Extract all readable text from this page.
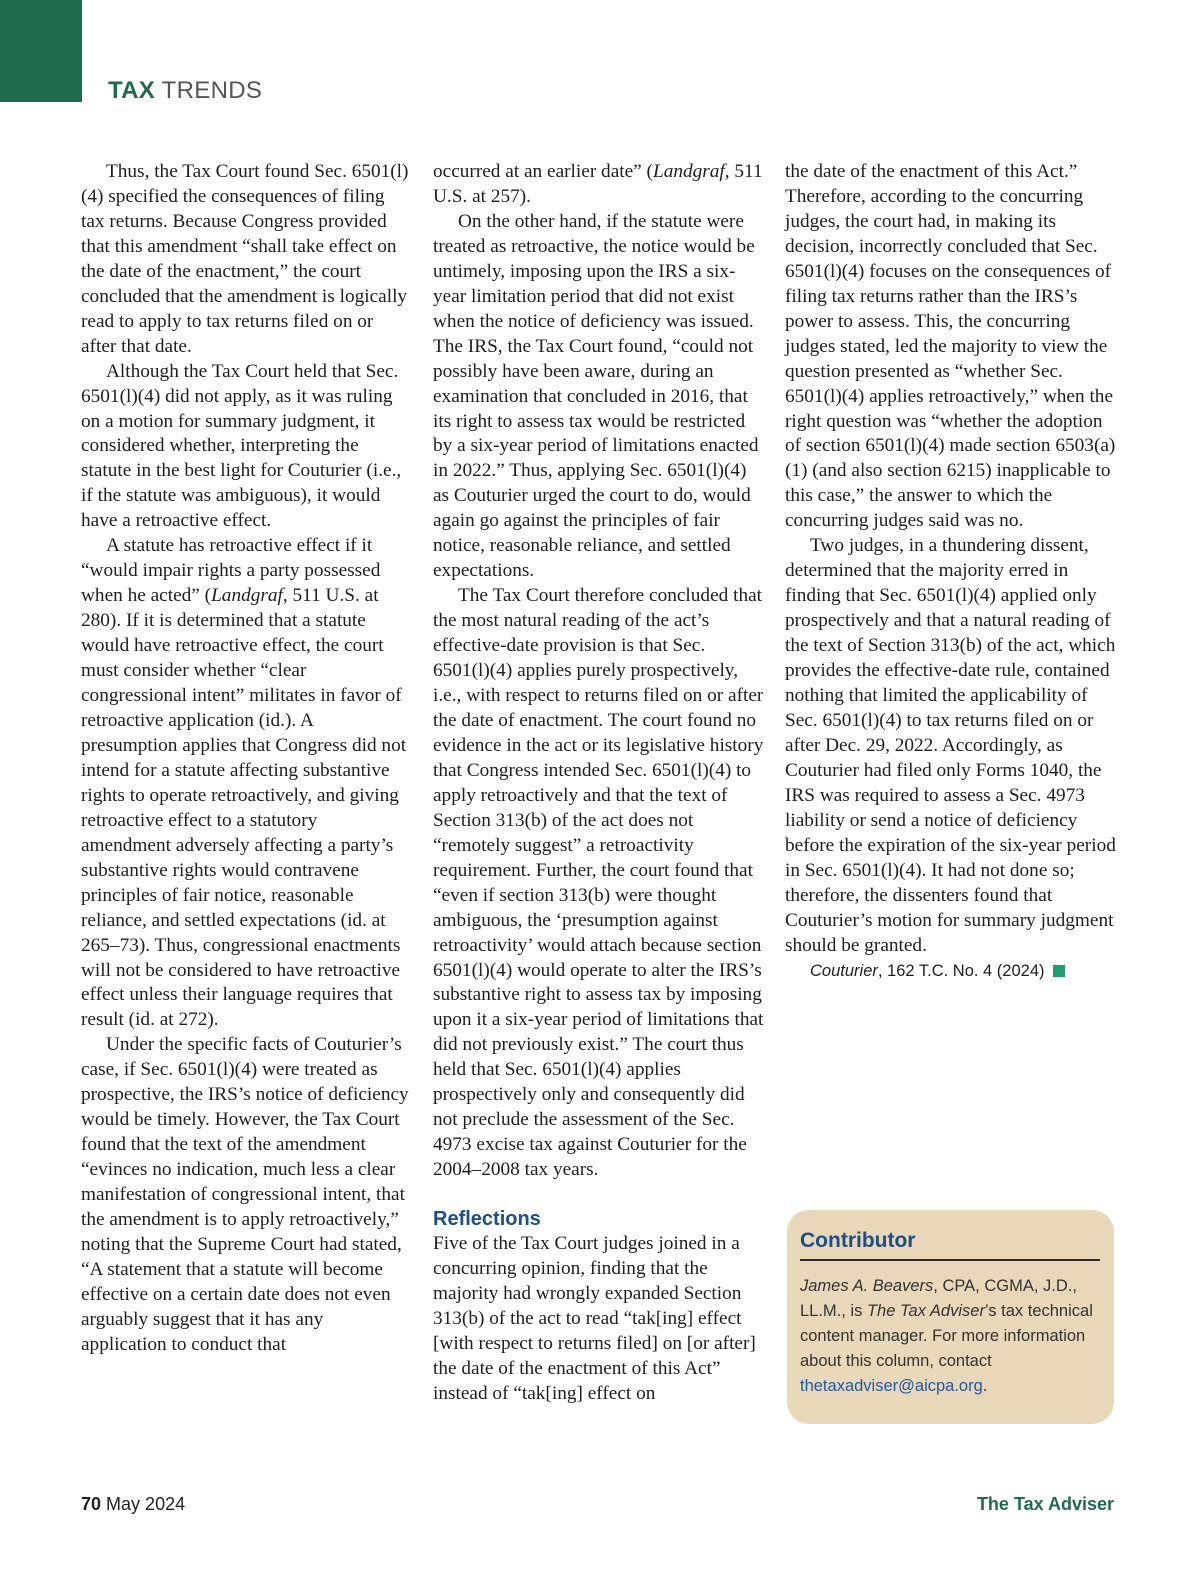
TAX TRENDS

Thus, the Tax Court found Sec. 6501(l)(4) specified the consequences of filing tax returns. Because Congress provided that this amendment “shall take effect on the date of the enactment,” the court concluded that the amendment is logically read to apply to tax returns filed on or after that date.

Although the Tax Court held that Sec. 6501(l)(4) did not apply, as it was ruling on a motion for summary judgment, it considered whether, interpreting the statute in the best light for Couturier (i.e., if the statute was ambiguous), it would have a retroactive effect.

A statute has retroactive effect if it “would impair rights a party possessed when he acted” (Landgraf, 511 U.S. at 280). If it is determined that a statute would have retroactive effect, the court must consider whether “clear congressional intent” militates in favor of retroactive application (id.). A presumption applies that Congress did not intend for a statute affecting substantive rights to operate retroactively, and giving retroactive effect to a statutory amendment adversely affecting a party’s substantive rights would contravene principles of fair notice, reasonable reliance, and settled expectations (id. at 265–73). Thus, congressional enactments will not be considered to have retroactive effect unless their language requires that result (id. at 272).

Under the specific facts of Couturier’s case, if Sec. 6501(l)(4) were treated as prospective, the IRS’s notice of deficiency would be timely. However, the Tax Court found that the text of the amendment “evinces no indication, much less a clear manifestation of congressional intent, that the amendment is to apply retroactively,” noting that the Supreme Court had stated, “A statement that a statute will become effective on a certain date does not even arguably suggest that it has any application to conduct that

occurred at an earlier date” (Landgraf, 511 U.S. at 257).

On the other hand, if the statute were treated as retroactive, the notice would be untimely, imposing upon the IRS a six-year limitation period that did not exist when the notice of deficiency was issued. The IRS, the Tax Court found, “could not possibly have been aware, during an examination that concluded in 2016, that its right to assess tax would be restricted by a six-year period of limitations enacted in 2022.” Thus, applying Sec. 6501(l)(4) as Couturier urged the court to do, would again go against the principles of fair notice, reasonable reliance, and settled expectations.

The Tax Court therefore concluded that the most natural reading of the act’s effective-date provision is that Sec. 6501(l)(4) applies purely prospectively, i.e., with respect to returns filed on or after the date of enactment. The court found no evidence in the act or its legislative history that Congress intended Sec. 6501(l)(4) to apply retroactively and that the text of Section 313(b) of the act does not “remotely suggest” a retroactivity requirement. Further, the court found that “even if section 313(b) were thought ambiguous, the ‘presumption against retroactivity’ would attach because section 6501(l)(4) would operate to alter the IRS’s substantive right to assess tax by imposing upon it a six-year period of limitations that did not previously exist.” The court thus held that Sec. 6501(l)(4) applies prospectively only and consequently did not preclude the assessment of the Sec. 4973 excise tax against Couturier for the 2004–2008 tax years.

Reflections

Five of the Tax Court judges joined in a concurring opinion, finding that the majority had wrongly expanded Section 313(b) of the act to read “tak[ing] effect [with respect to returns filed] on [or after] the date of the enactment of this Act” instead of “tak[ing] effect on

the date of the enactment of this Act.” Therefore, according to the concurring judges, the court had, in making its decision, incorrectly concluded that Sec. 6501(l)(4) focuses on the consequences of filing tax returns rather than the IRS’s power to assess. This, the concurring judges stated, led the majority to view the question presented as “whether Sec. 6501(l)(4) applies retroactively,” when the right question was “whether the adoption of section 6501(l)(4) made section 6503(a)(1) (and also section 6215) inapplicable to this case,” the answer to which the concurring judges said was no.

Two judges, in a thundering dissent, determined that the majority erred in finding that Sec. 6501(l)(4) applied only prospectively and that a natural reading of the text of Section 313(b) of the act, which provides the effective-date rule, contained nothing that limited the applicability of Sec. 6501(l)(4) to tax returns filed on or after Dec. 29, 2022. Accordingly, as Couturier had filed only Forms 1040, the IRS was required to assess a Sec. 4973 liability or send a notice of deficiency before the expiration of the six-year period in Sec. 6501(l)(4). It had not done so; therefore, the dissenters found that Couturier’s motion for summary judgment should be granted.

Couturier, 162 T.C. No. 4 (2024)

Contributor
James A. Beavers, CPA, CGMA, J.D., LL.M., is The Tax Adviser’s tax technical content manager. For more information about this column, contact thetaxadviser@aicpa.org.
70 May 2024	The Tax Adviser
